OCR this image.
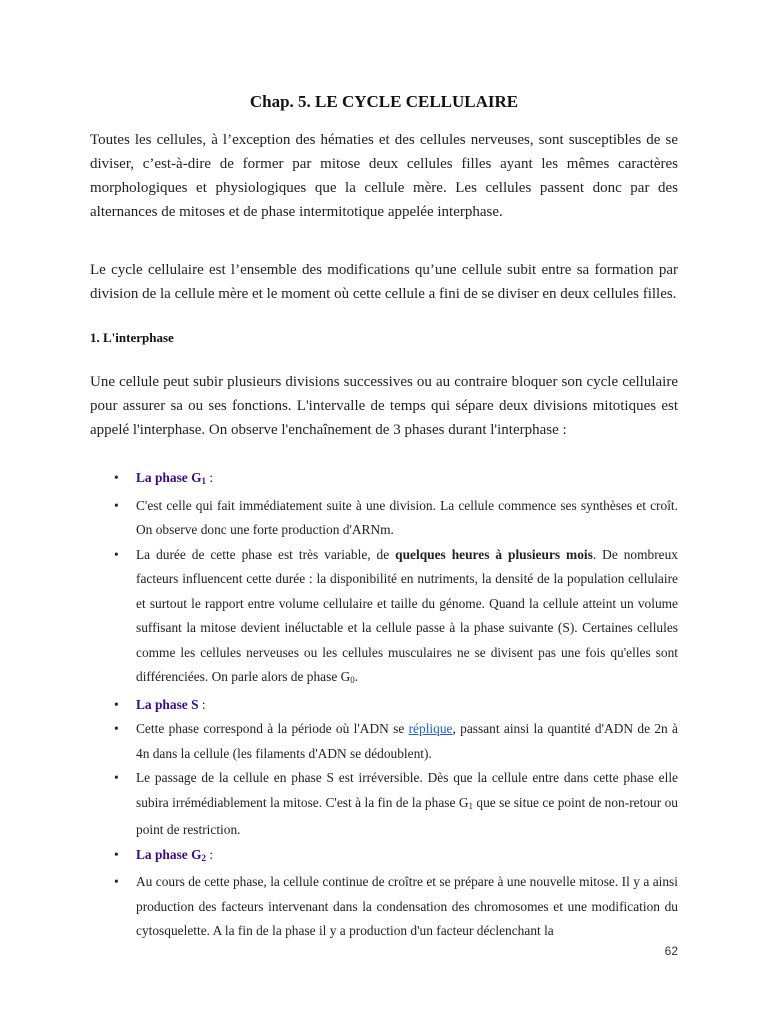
Chap. 5. LE CYCLE CELLULAIRE

Toutes les cellules, à l’exception des hématies et des cellules nerveuses, sont susceptibles de se diviser, c’est-à-dire de former par mitose deux cellules filles ayant les mêmes caractères morphologiques et physiologiques que la cellule mère. Les cellules passent donc par des alternances de mitoses et de phase intermitotique appelée interphase.

Le cycle cellulaire est l’ensemble des modifications qu’une cellule subit entre sa formation par division de la cellule mère et le moment où cette cellule a fini de se diviser en deux cellules filles.

1. L'interphase

Une cellule peut subir plusieurs divisions successives ou au contraire bloquer son cycle cellulaire pour assurer sa ou ses fonctions. L'intervalle de temps qui sépare deux divisions mitotiques est appelé l'interphase. On observe l'enchaînement de 3 phases durant l'interphase :

• La phase $G_1$ :
• C'est celle qui fait immédiatement suite à une division. La cellule commence ses synthèses et croît. On observe donc une forte production d'ARNm.
• La durée de cette phase est très variable, de quelques heures à plusieurs mois. De nombreux facteurs influencent cette durée : la disponibilité en nutriments, la densité de la population cellulaire et surtout le rapport entre volume cellulaire et taille du génome. Quand la cellule atteint un volume suffisant la mitose devient inéluctable et la cellule passe à la phase suivante (S). Certaines cellules comme les cellules nerveuses ou les cellules musculaires ne se divisent pas une fois qu'elles sont différenciées. On parle alors de phase $G_0$.
• La phase S :
• Cette phase correspond à la période où l'ADN se réplique, passant ainsi la quantité d'ADN de 2n à 4n dans la cellule (les filaments d'ADN se dédoublent).
• Le passage de la cellule en phase S est irréversible. Dès que la cellule entre dans cette phase elle subira irrémédiablement la mitose. C'est à la fin de la phase $G_1$ que se situe ce point de non-retour ou point de restriction.
• La phase $G_2$ :
• Au cours de cette phase, la cellule continue de croître et se prépare à une nouvelle mitose. Il y a ainsi production des facteurs intervenant dans la condensation des chromosomes et une modification du cytosquelette. A la fin de la phase il y a production d'un facteur déclenchant la
62
